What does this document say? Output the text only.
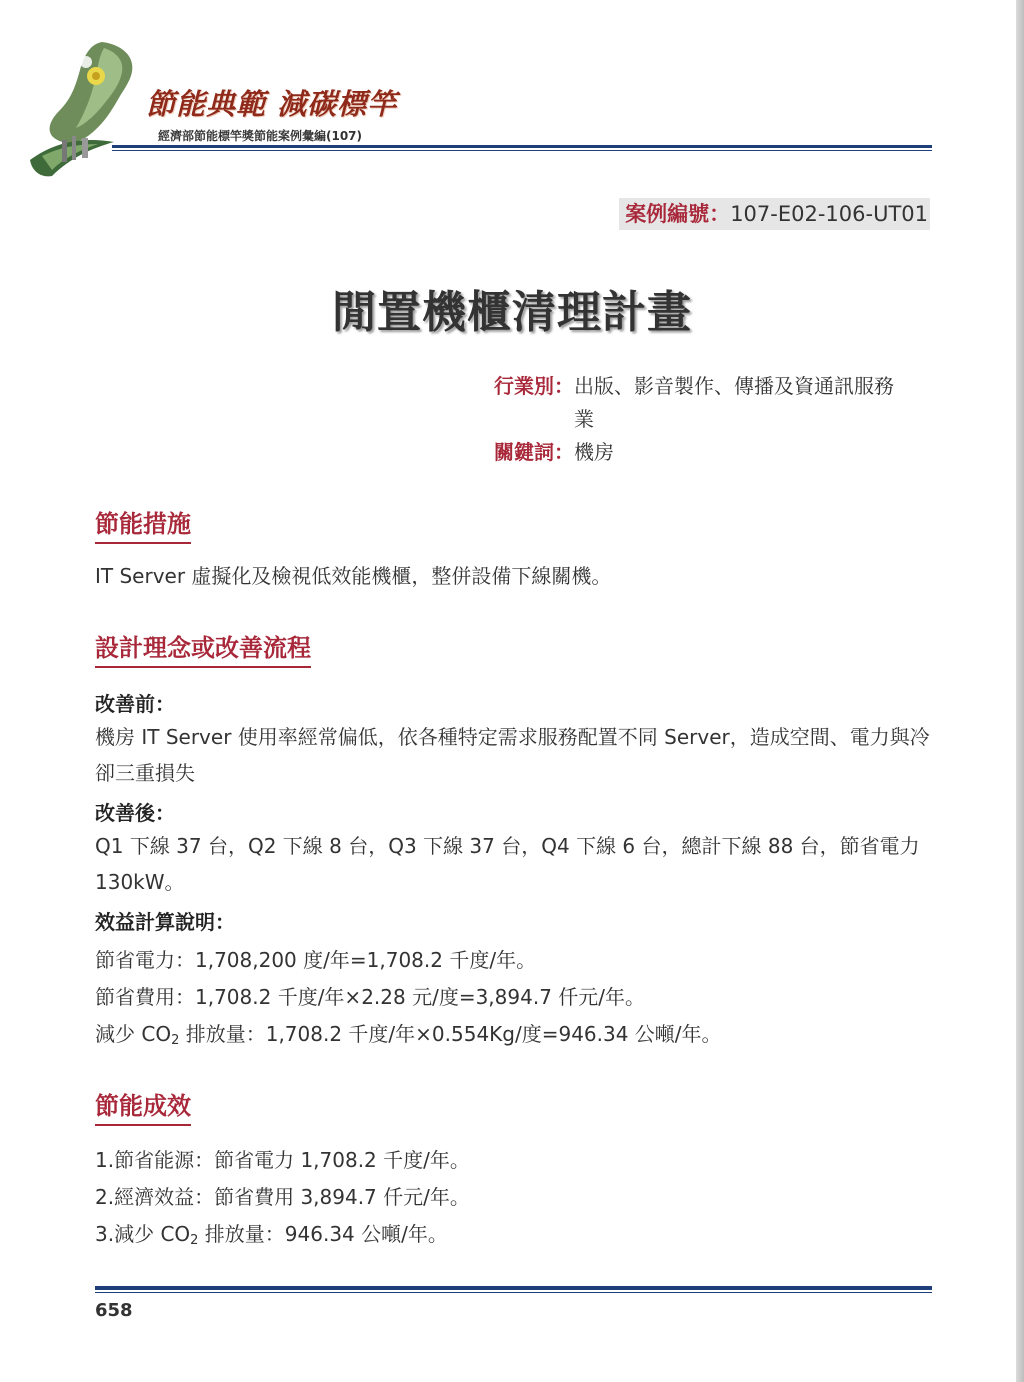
節能典範 減碳標竿
經濟部節能標竿獎節能案例彙編(107)
案例編號：107-E02-106-UT01
閒置機櫃清理計畫
行業別： 出版、影音製作、傳播及資通訊服務業
關鍵詞： 機房
節能措施
IT Server 虛擬化及檢視低效能機櫃，整併設備下線關機。
設計理念或改善流程
改善前：
機房 IT Server 使用率經常偏低，依各種特定需求服務配置不同 Server，造成空間、電力與冷卻三重損失
改善後：
Q1 下線 37 台，Q2 下線 8 台，Q3 下線 37 台，Q4 下線 6 台，總計下線 88 台，節省電力 130kW。
效益計算說明：
節省電力：1,708,200 度/年=1,708.2 千度/年。
節省費用：1,708.2 千度/年×2.28 元/度=3,894.7 仟元/年。
減少 $CO_2$ 排放量：1,708.2 千度/年×0.554Kg/度=946.34 公噸/年。
節能成效
1.節省能源：節省電力 1,708.2 千度/年。
2.經濟效益：節省費用 3,894.7 仟元/年。
3.減少 $CO_2$ 排放量：946.34 公噸/年。
658
